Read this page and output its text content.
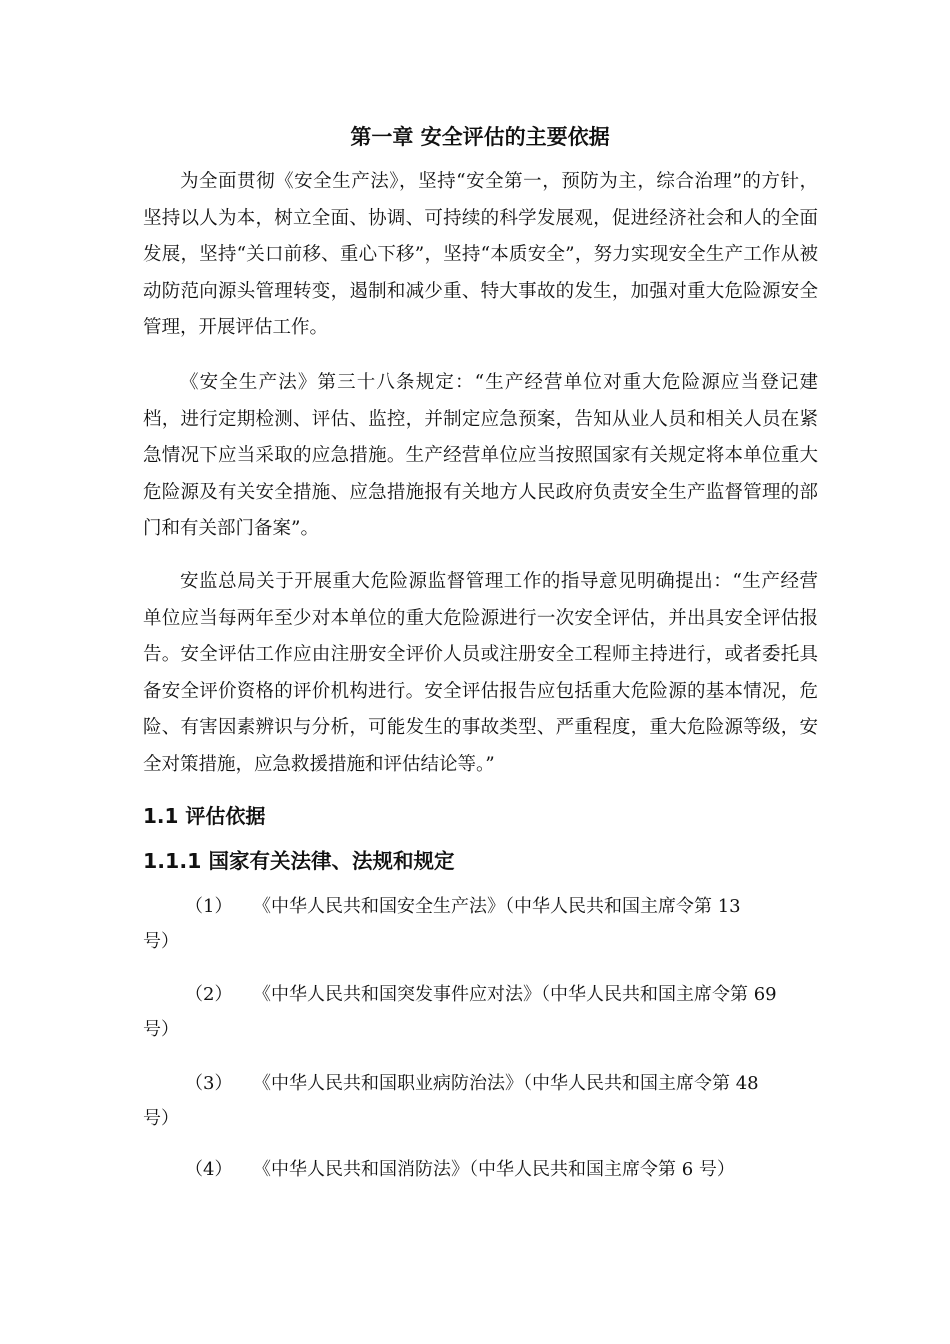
第一章 安全评估的主要依据

为全面贯彻《安全生产法》，坚持“安全第一，预防为主，综合治理”的方针，坚持以人为本，树立全面、协调、可持续的科学发展观，促进经济社会和人的全面发展，坚持“关口前移、重心下移”，坚持“本质安全”，努力实现安全生产工作从被动防范向源头管理转变，遏制和减少重、特大事故的发生，加强对重大危险源安全管理，开展评估工作。

《安全生产法》第三十八条规定：“生产经营单位对重大危险源应当登记建档，进行定期检测、评估、监控，并制定应急预案，告知从业人员和相关人员在紧急情况下应当采取的应急措施。生产经营单位应当按照国家有关规定将本单位重大危险源及有关安全措施、应急措施报有关地方人民政府负责安全生产监督管理的部门和有关部门备案”。

安监总局关于开展重大危险源监督管理工作的指导意见明确提出：“生产经营单位应当每两年至少对本单位的重大危险源进行一次安全评估，并出具安全评估报告。安全评估工作应由注册安全评价人员或注册安全工程师主持进行，或者委托具备安全评价资格的评价机构进行。安全评估报告应包括重大危险源的基本情况，危险、有害因素辨识与分析，可能发生的事故类型、严重程度，重大危险源等级，安全对策措施，应急救援措施和评估结论等。”

1.1 评估依据
1.1.1 国家有关法律、法规和规定
（1） 《中华人民共和国安全生产法》（中华人民共和国主席令第 13
号）
（2） 《中华人民共和国突发事件应对法》（中华人民共和国主席令第 69
号）
（3） 《中华人民共和国职业病防治法》（中华人民共和国主席令第 48
号）
（4） 《中华人民共和国消防法》（中华人民共和国主席令第 6 号）
